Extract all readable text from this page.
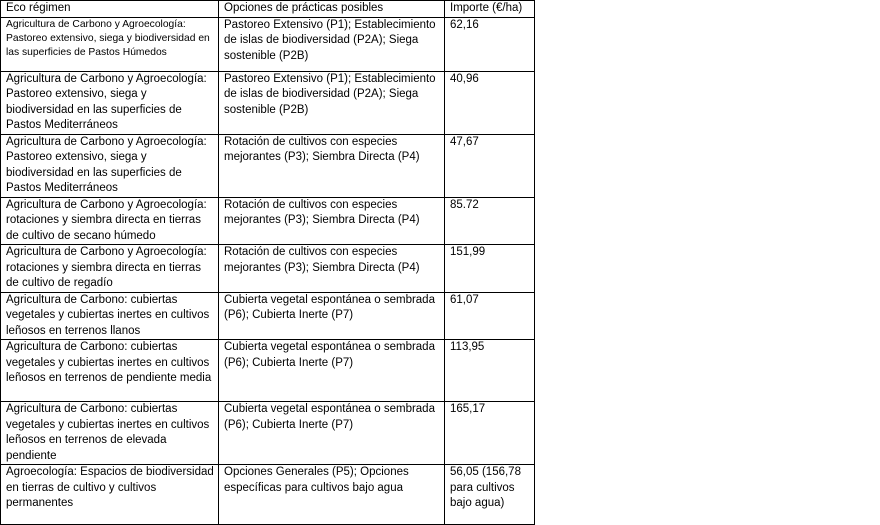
Eco régimen	Opciones de prácticas posibles	Importe (€/ha)
Agricultura de Carbono y Agroecología: Pastoreo extensivo, siega y biodiversidad en las superficies de Pastos Húmedos	Pastoreo Extensivo (P1); Establecimiento de islas de biodiversidad (P2A); Siega sostenible (P2B)	62,16
Agricultura de Carbono y Agroecología: Pastoreo extensivo, siega y biodiversidad en las superficies de Pastos Mediterráneos	Pastoreo Extensivo (P1); Establecimiento de islas de biodiversidad (P2A); Siega sostenible (P2B)	40,96
Agricultura de Carbono y Agroecología: Pastoreo extensivo, siega y biodiversidad en las superficies de Pastos Mediterráneos	Rotación de cultivos con especies mejorantes (P3); Siembra Directa (P4)	47,67
Agricultura de Carbono y Agroecología: rotaciones y siembra directa en tierras de cultivo de secano húmedo	Rotación de cultivos con especies mejorantes (P3); Siembra Directa (P4)	85.72
Agricultura de Carbono y Agroecología: rotaciones y siembra directa en tierras de cultivo de regadío	Rotación de cultivos con especies mejorantes (P3); Siembra Directa (P4)	151,99
Agricultura de Carbono: cubiertas vegetales y cubiertas inertes en cultivos leñosos en terrenos llanos	Cubierta vegetal espontánea o sembrada (P6); Cubierta Inerte (P7)	61,07
Agricultura de Carbono: cubiertas vegetales y cubiertas inertes en cultivos leñosos en terrenos de pendiente media	Cubierta vegetal espontánea o sembrada (P6); Cubierta Inerte (P7)	113,95
Agricultura de Carbono: cubiertas vegetales y cubiertas inertes en cultivos leñosos en terrenos de elevada pendiente	Cubierta vegetal espontánea o sembrada (P6); Cubierta Inerte (P7)	165,17
Agroecología: Espacios de biodiversidad en tierras de cultivo y cultivos permanentes	Opciones Generales (P5); Opciones específicas para cultivos bajo agua	56,05 (156,78 para cultivos bajo agua)
